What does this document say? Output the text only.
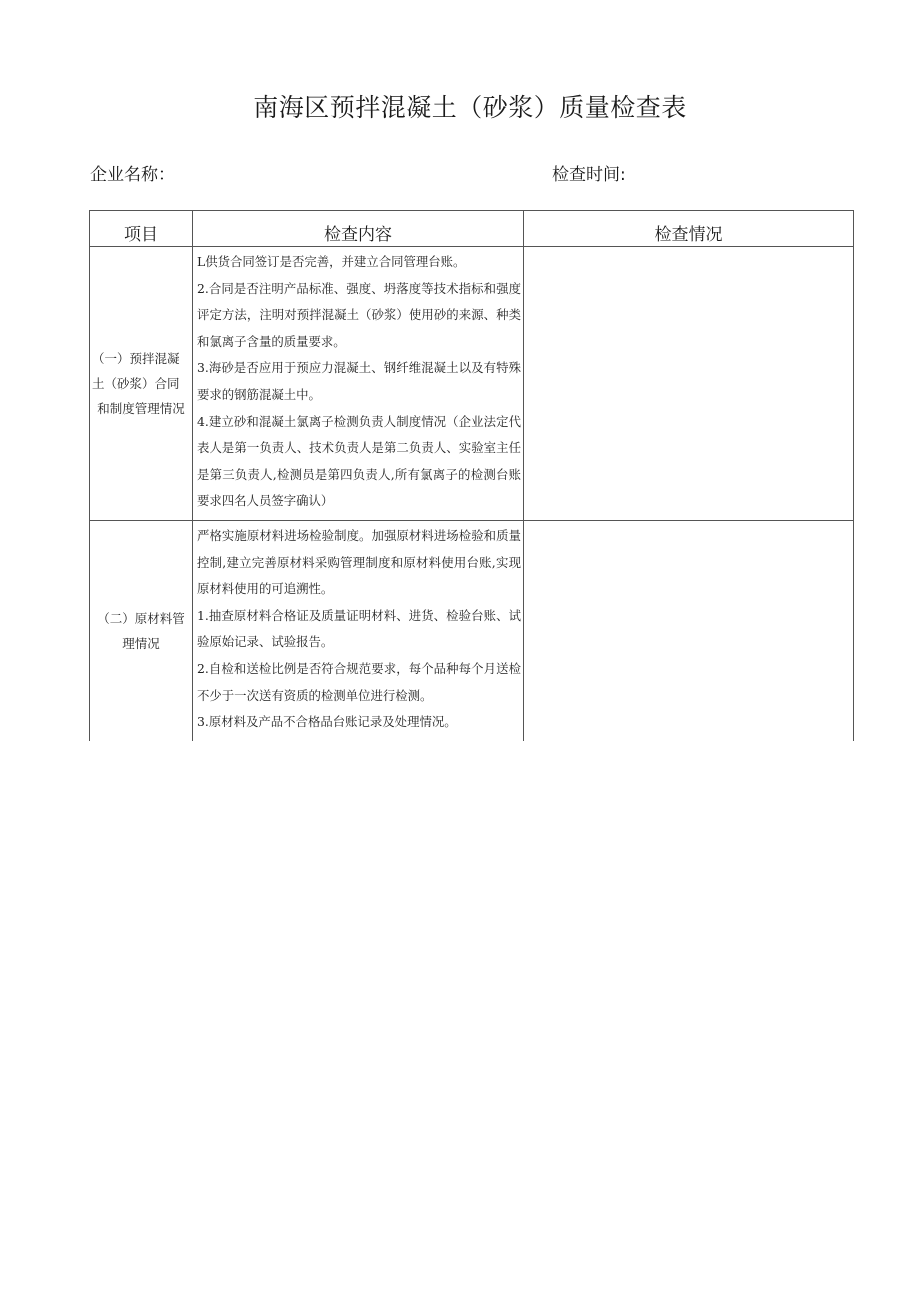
南海区预拌混凝土（砂浆）质量检查表
企业名称：	检查时间:
项目	检查内容	检查情况

（一）预拌混凝土（砂浆）合同和制度管理情况	L供货合同签订是否完善，并建立合同管理台账。

2.合同是否注明产品标准、强度、坍落度等技术指标和强度评定方法，注明对预拌混凝土（砂浆）使用砂的来源、种类和氯离子含量的质量要求。

3.海砂是否应用于预应力混凝土、钢纤维混凝土以及有特殊要求的钢筋混凝土中。

4.建立砂和混凝土氯离子检测负责人制度情况（企业法定代表人是第一负责人、技术负责人是第二负责人、实验室主任是第三负责人,检测员是第四负责人,所有氯离子的检测台账要求四名人员签字确认）	

（二）原材料管理情况	严格实施原材料进场检验制度。加强原材料进场检验和质量控制,建立完善原材料采购管理制度和原材料使用台账,实现原材料使用的可追溯性。

1.抽查原材料合格证及质量证明材料、进货、检验台账、试验原始记录、试验报告。

2.自检和送检比例是否符合规范要求，每个品种每个月送检不少于一次送有资质的检测单位进行检测。

3.原材料及产品不合格品台账记录及处理情况。	
